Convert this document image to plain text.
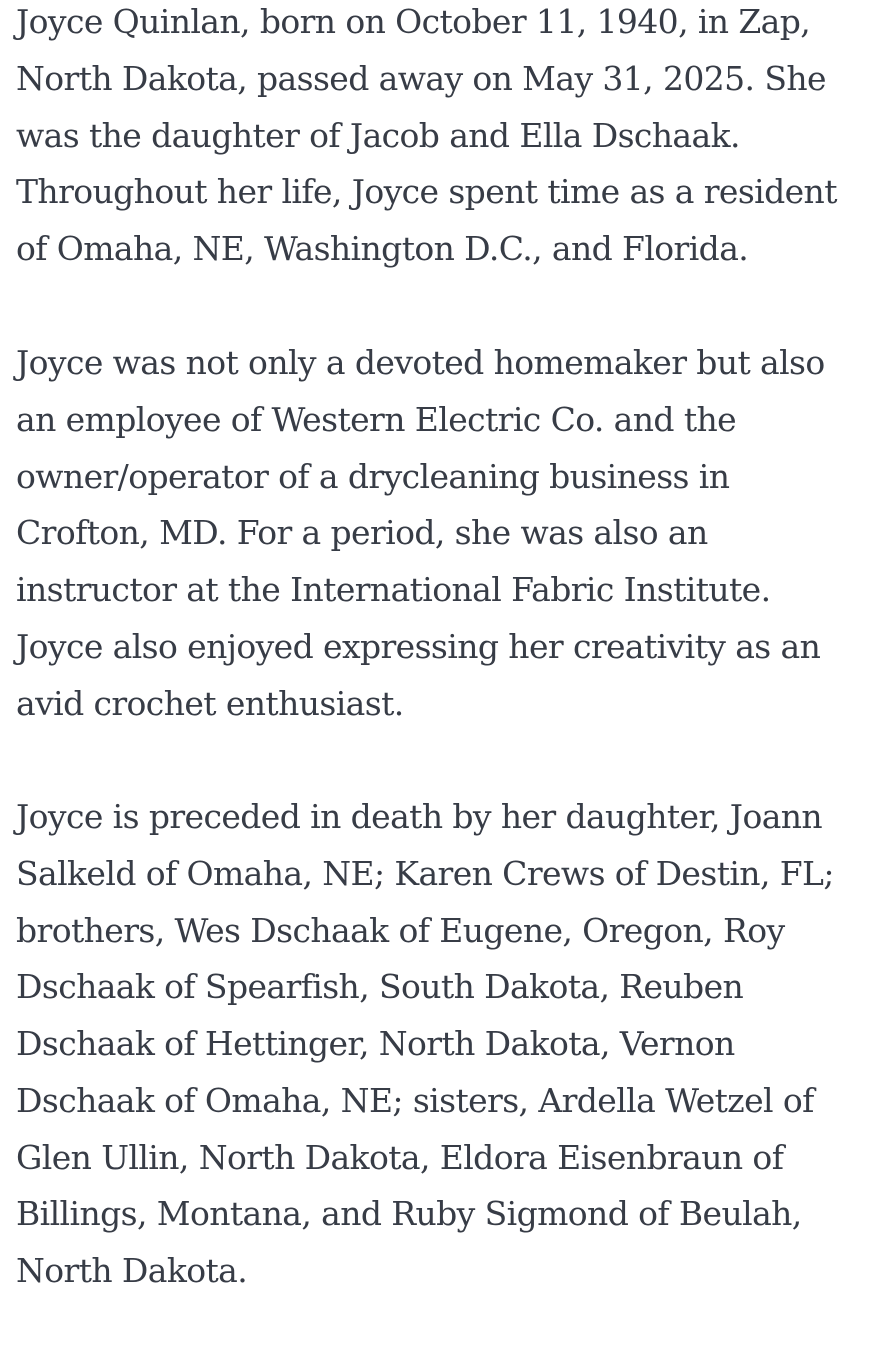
Joyce Quinlan, born on October 11, 1940, in Zap,
North Dakota, passed away on May 31, 2025. She
was the daughter of Jacob and Ella Dschaak.
Throughout her life, Joyce spent time as a resident
of Omaha, NE, Washington D.C., and Florida.

Joyce was not only a devoted homemaker but also
an employee of Western Electric Co. and the
owner/operator of a drycleaning business in
Crofton, MD. For a period, she was also an
instructor at the International Fabric Institute.
Joyce also enjoyed expressing her creativity as an
avid crochet enthusiast.

Joyce is preceded in death by her daughter, Joann
Salkeld of Omaha, NE; Karen Crews of Destin, FL;
brothers, Wes Dschaak of Eugene, Oregon, Roy
Dschaak of Spearfish, South Dakota, Reuben
Dschaak of Hettinger, North Dakota, Vernon
Dschaak of Omaha, NE; sisters, Ardella Wetzel of
Glen Ullin, North Dakota, Eldora Eisenbraun of
Billings, Montana, and Ruby Sigmond of Beulah,
North Dakota.
